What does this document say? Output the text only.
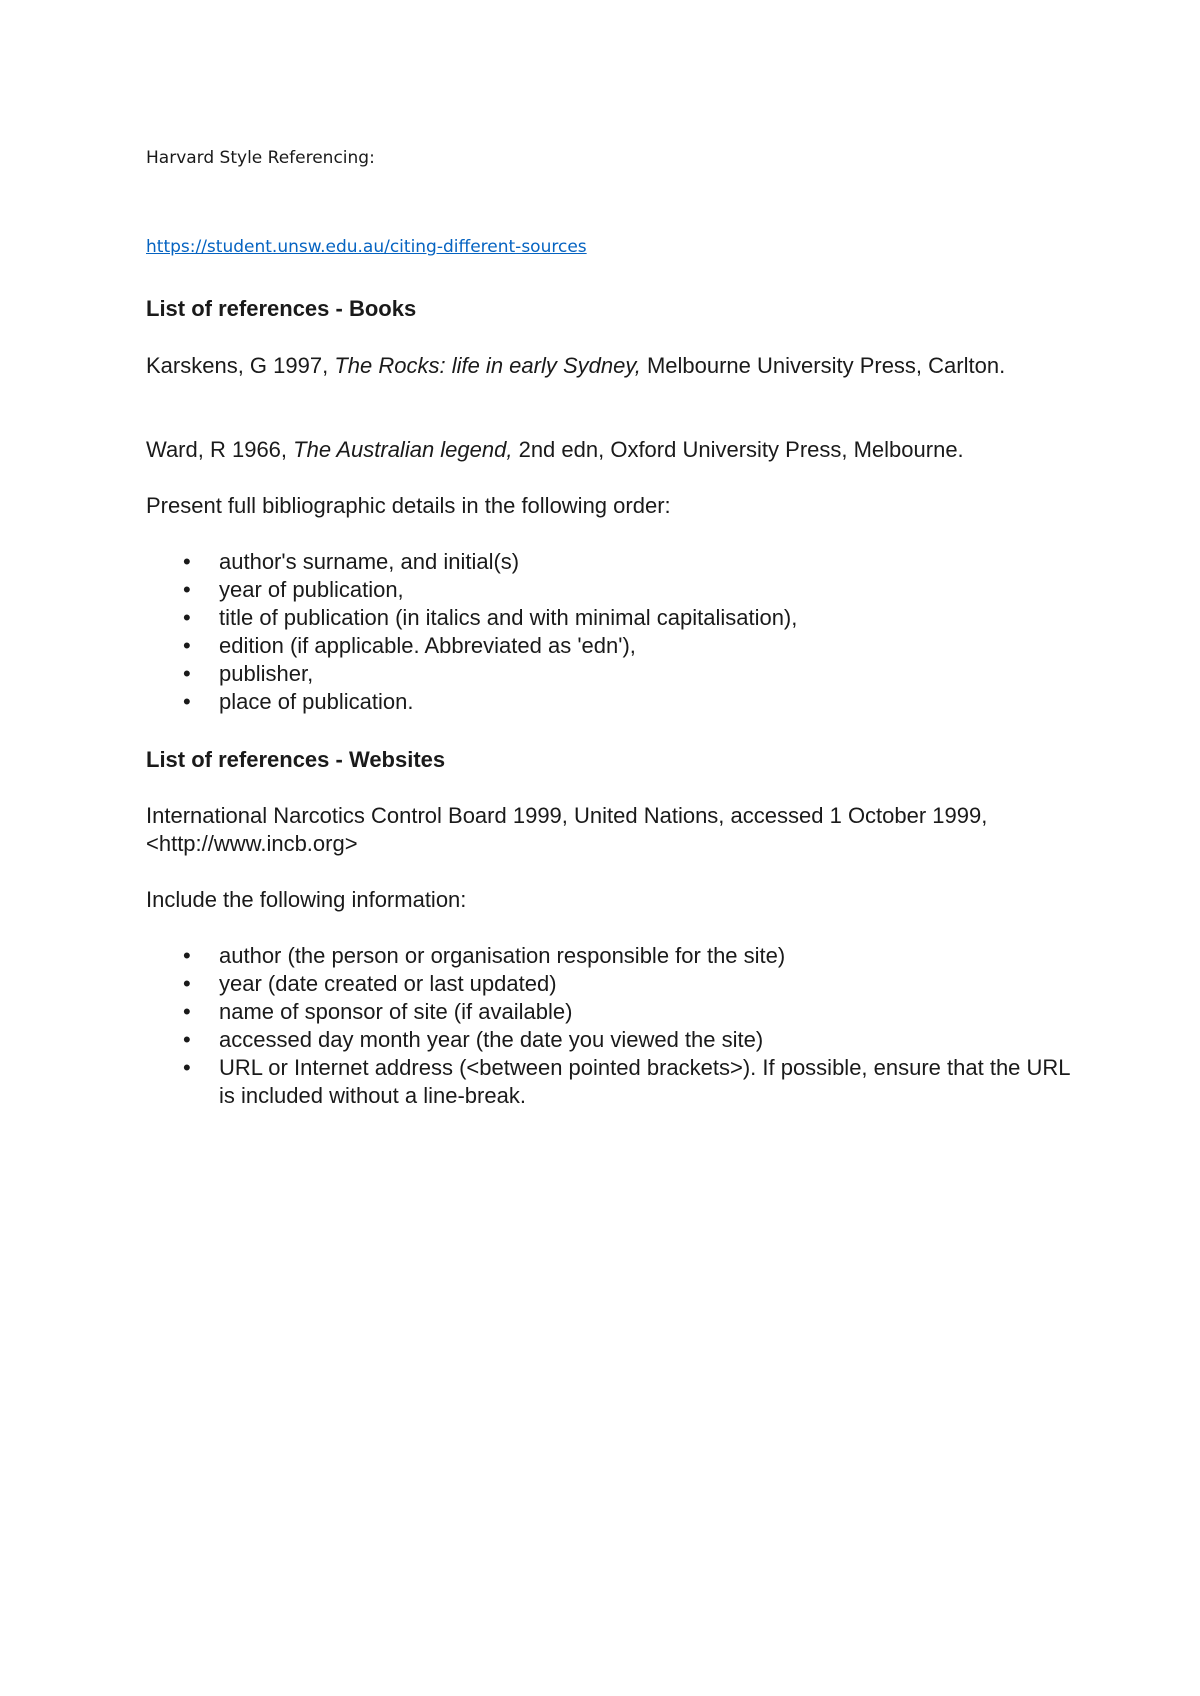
Harvard Style Referencing:
https://student.unsw.edu.au/citing-different-sources
List of references - Books

Karskens, G 1997, The Rocks: life in early Sydney, Melbourne University Press, Carlton.

Ward, R 1966, The Australian legend, 2nd edn, Oxford University Press, Melbourne.

Present full bibliographic details in the following order:

• author's surname, and initial(s)
• year of publication,
• title of publication (in italics and with minimal capitalisation),
• edition (if applicable. Abbreviated as 'edn'),
• publisher,
• place of publication.
List of references - Websites

International Narcotics Control Board 1999, United Nations, accessed 1 October 1999, <http://www.incb.org>

Include the following information:

• author (the person or organisation responsible for the site)
• year (date created or last updated)
• name of sponsor of site (if available)
• accessed day month year (the date you viewed the site)
• URL or Internet address (<between pointed brackets>). If possible, ensure that the URL is included without a line-break.
